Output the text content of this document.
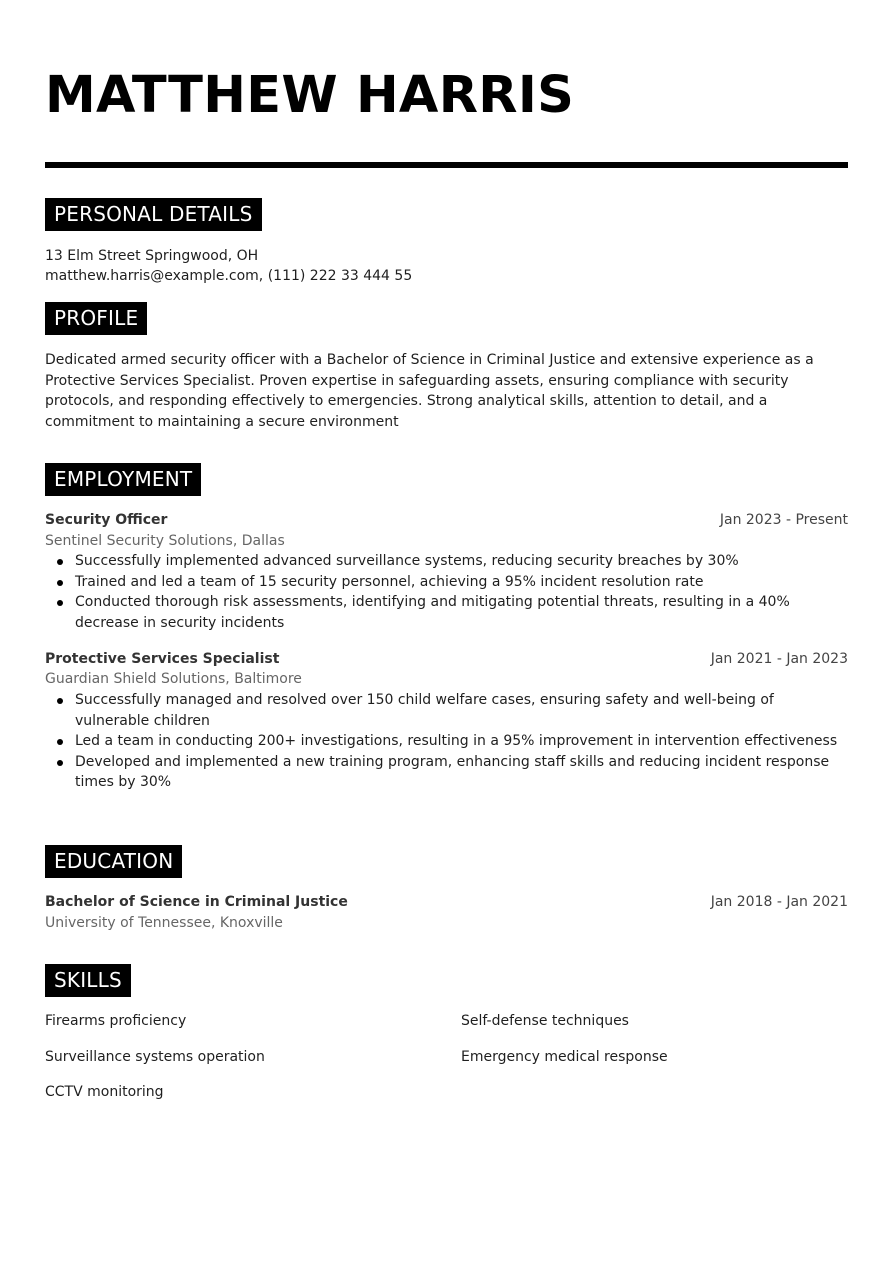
MATTHEW HARRIS
PERSONAL DETAILS
13 Elm Street Springwood, OH
matthew.harris@example.com, (111) 222 33 444 55
PROFILE

Dedicated armed security officer with a Bachelor of Science in Criminal Justice and extensive experience as a Protective Services Specialist. Proven expertise in safeguarding assets, ensuring compliance with security protocols, and responding effectively to emergencies. Strong analytical skills, attention to detail, and a commitment to maintaining a secure environment

EMPLOYMENT
Security Officer	Jan 2023 - Present
Sentinel Security Solutions, Dallas
Successfully implemented advanced surveillance systems, reducing security breaches by 30%
Trained and led a team of 15 security personnel, achieving a 95% incident resolution rate
Conducted thorough risk assessments, identifying and mitigating potential threats, resulting in a 40% decrease in security incidents
Protective Services Specialist	Jan 2021 - Jan 2023
Guardian Shield Solutions, Baltimore
Successfully managed and resolved over 150 child welfare cases, ensuring safety and well-being of vulnerable children
Led a team in conducting 200+ investigations, resulting in a 95% improvement in intervention effectiveness
Developed and implemented a new training program, enhancing staff skills and reducing incident response times by 30%
EDUCATION
Bachelor of Science in Criminal Justice	Jan 2018 - Jan 2021
University of Tennessee, Knoxville
SKILLS
Firearms proficiency	Self-defense techniques
Surveillance systems operation	Emergency medical response
CCTV monitoring
